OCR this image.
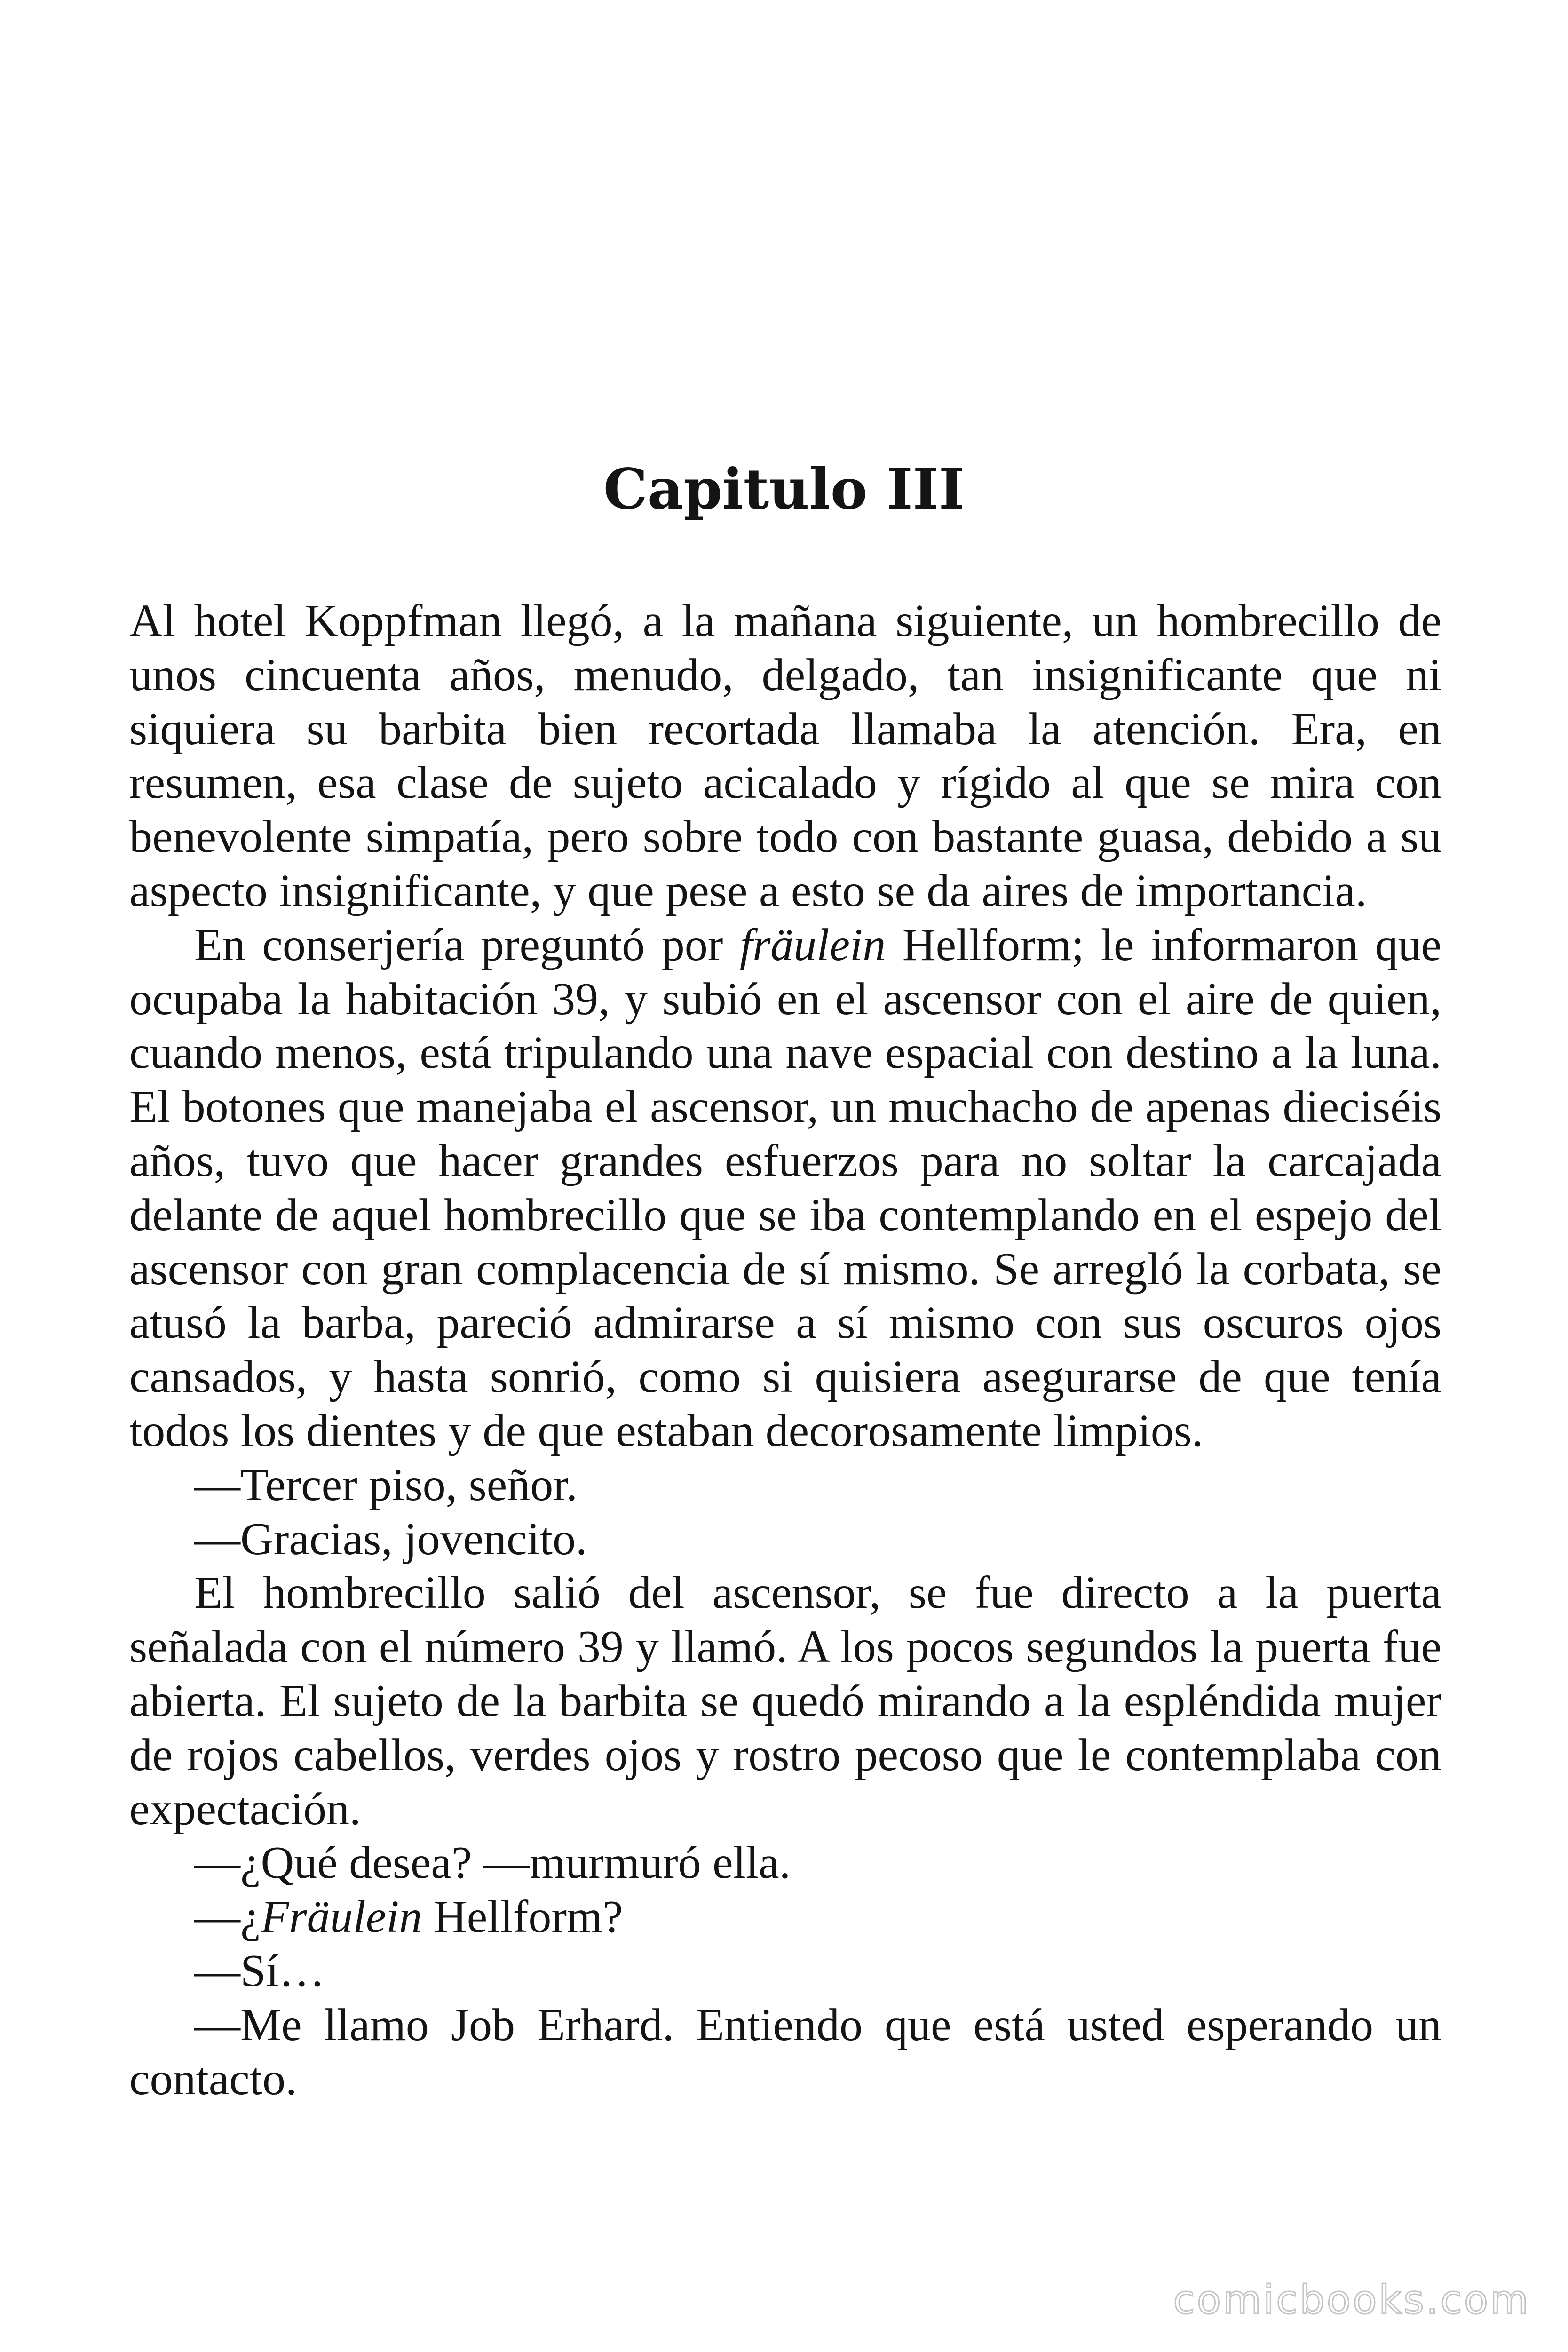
Capitulo III

Al hotel Koppfman llegó, a la mañana siguiente, un hombrecillo de unos cincuenta años, menudo, delgado, tan insignificante que ni siquiera su barbita bien recortada llamaba la atención. Era, en resumen, esa clase de sujeto acicalado y rígido al que se mira con benevolente simpatía, pero sobre todo con bastante guasa, debido a su aspecto insignificante, y que pese a esto se da aires de importancia.

En conserjería preguntó por fräulein Hellform; le informaron que ocupaba la habitación 39, y subió en el ascensor con el aire de quien, cuando menos, está tripulando una nave espacial con destino a la luna. El botones que manejaba el ascensor, un muchacho de apenas dieciséis años, tuvo que hacer grandes esfuerzos para no soltar la carcajada delante de aquel hombrecillo que se iba contemplando en el espejo del ascensor con gran complacencia de sí mismo. Se arregló la corbata, se atusó la barba, pareció admirarse a sí mismo con sus oscuros ojos cansados, y hasta sonrió, como si quisiera asegurarse de que tenía todos los dientes y de que estaban decorosamente limpios.

—Tercer piso, señor.

—Gracias, jovencito.

El hombrecillo salió del ascensor, se fue directo a la puerta señalada con el número 39 y llamó. A los pocos segundos la puerta fue abierta. El sujeto de la barbita se quedó mirando a la espléndida mujer de rojos cabellos, verdes ojos y rostro pecoso que le contemplaba con expectación.

—¿Qué desea? —murmuró ella.

—¿Fräulein Hellform?

—Sí…

—Me llamo Job Erhard. Entiendo que está usted esperando un contacto.

comicbooks.com
